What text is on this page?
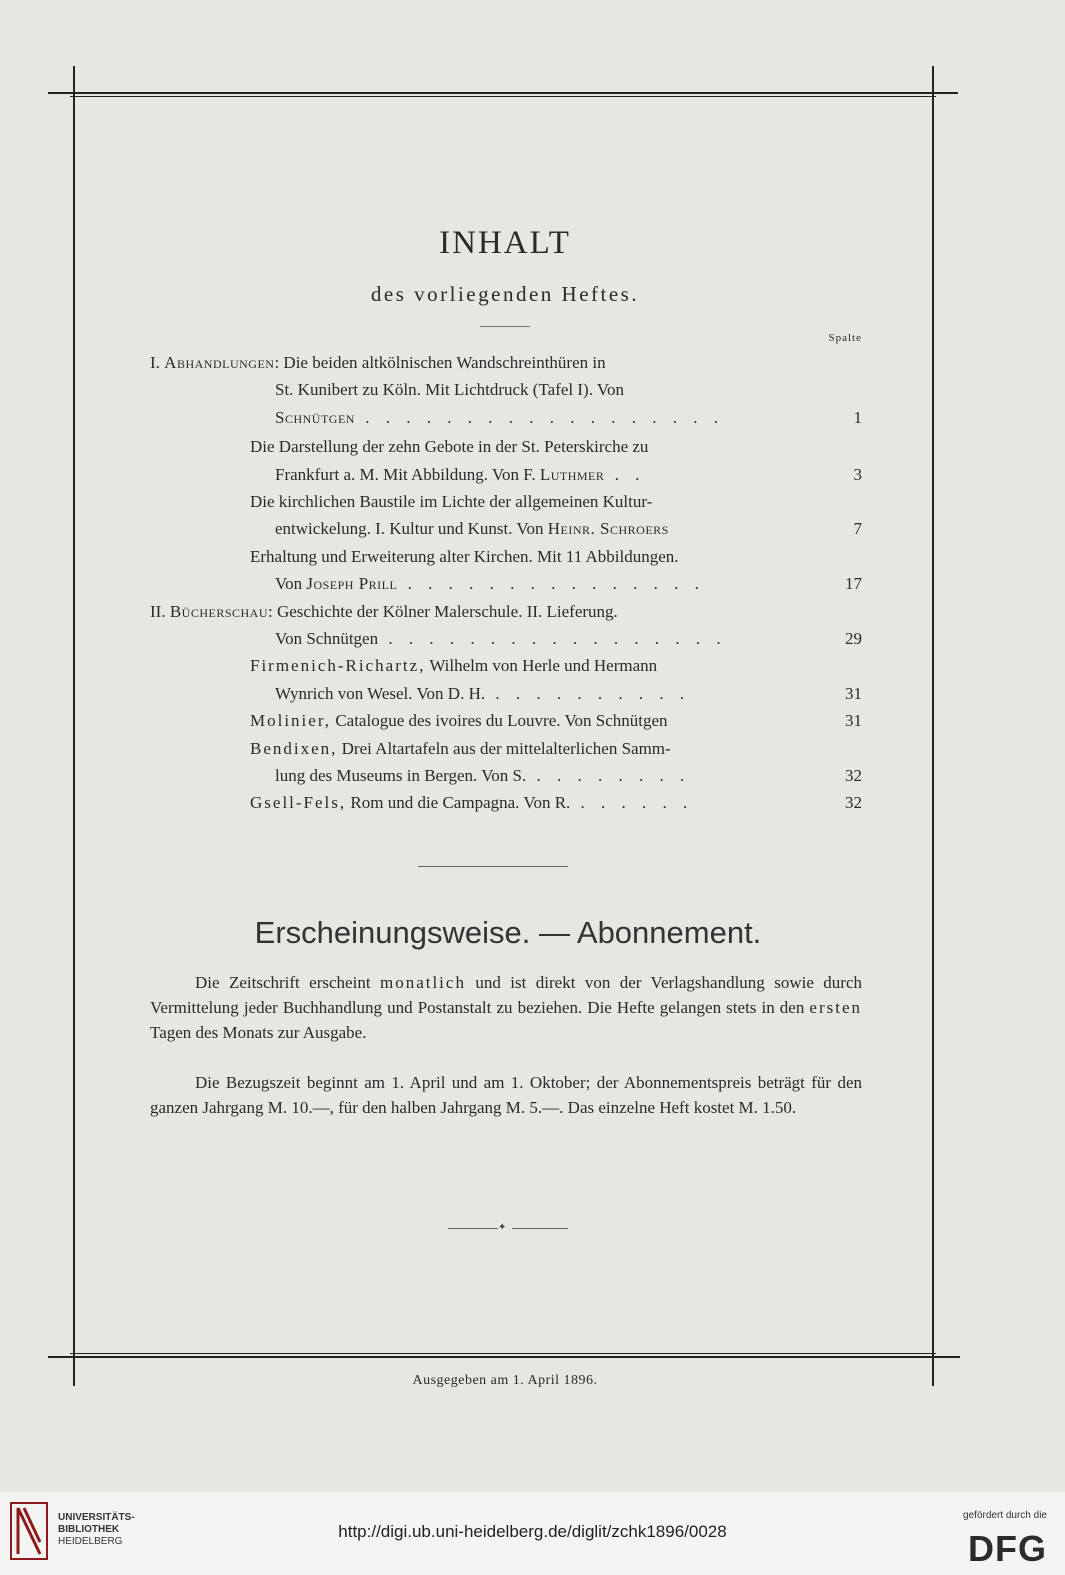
INHALT
des vorliegenden Heftes.
Spalte
I. Abhandlungen: Die beiden altkölnischen Wandschreinthüren in
St. Kunibert zu Köln. Mit Lichtdruck (Tafel I). Von
Schnütgen . . . . . . . . . . . . . . . . . .	1
Die Darstellung der zehn Gebote in der St. Peterskirche zu
Frankfurt a. M. Mit Abbildung. Von F. Luthmer . .	3
Die kirchlichen Baustile im Lichte der allgemeinen Kultur-
entwickelung. I. Kultur und Kunst. Von Heinr. Schroers	7
Erhaltung und Erweiterung alter Kirchen. Mit 11 Abbildungen.
Von Joseph Prill . . . . . . . . . . . . . . .	17
II. Bücherschau: Geschichte der Kölner Malerschule. II. Lieferung.
Von Schnütgen . . . . . . . . . . . . . . . . .	29
Firmenich-Richartz, Wilhelm von Herle und Hermann
Wynrich von Wesel. Von D. H. . . . . . . . . . .	31
Molinier, Catalogue des ivoires du Louvre. Von Schnütgen	31
Bendixen, Drei Altartafeln aus der mittelalterlichen Samm-
lung des Museums in Bergen. Von S. . . . . . . . .	32
Gsell-Fels, Rom und die Campagna. Von R. . . . . . .	32
Erscheinungsweise. — Abonnement.
Die Zeitschrift erscheint monatlich und ist direkt von der Verlagshandlung sowie durch Vermittelung jeder Buchhandlung und Postanstalt zu beziehen. Die Hefte gelangen stets in den ersten Tagen des Monats zur Ausgabe.
Die Bezugszeit beginnt am 1. April und am 1. Oktober; der Abonnementspreis beträgt für den ganzen Jahrgang M. 10.—, für den halben Jahrgang M. 5.—. Das einzelne Heft kostet M. 1.50.
✦
Ausgegeben am 1. April 1896.
UNIVERSITÄTS-
BIBLIOTHEK
HEIDELBERG
http://digi.ub.uni-heidelberg.de/diglit/zchk1896/0028
gefördert durch die
DFG
